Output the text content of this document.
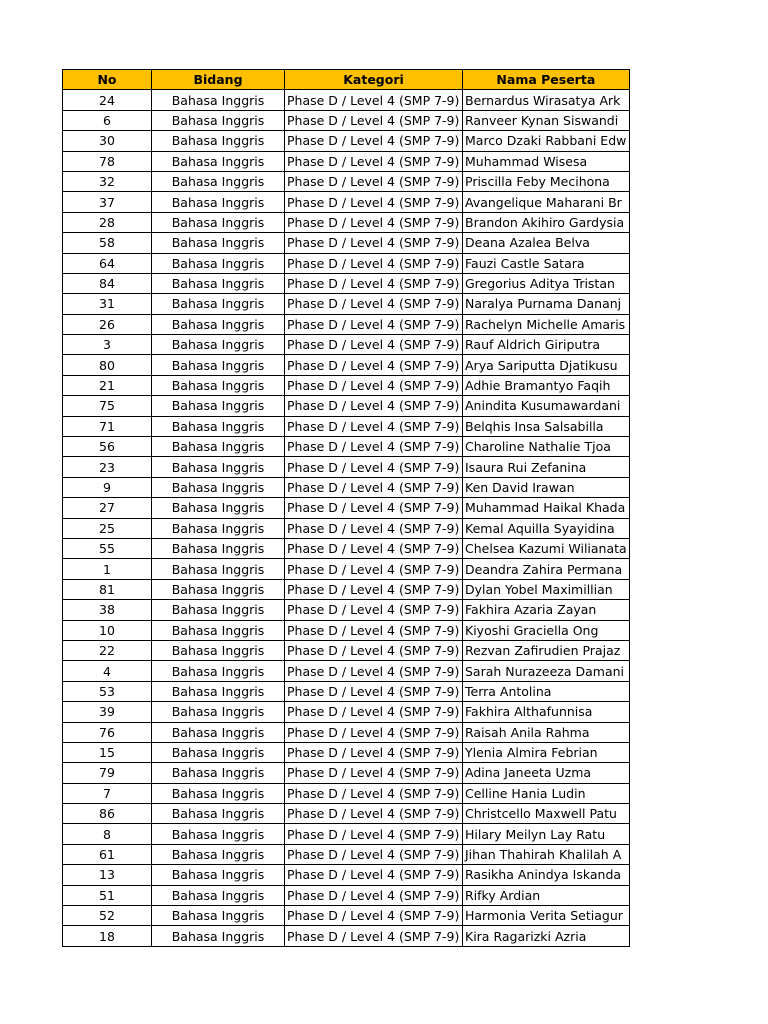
No	Bidang	Kategori	Nama Peserta
24	Bahasa Inggris	Phase D / Level 4 (SMP 7-9)	Bernardus Wirasatya Ark
6	Bahasa Inggris	Phase D / Level 4 (SMP 7-9)	Ranveer Kynan Siswandi
30	Bahasa Inggris	Phase D / Level 4 (SMP 7-9)	Marco Dzaki Rabbani Edw
78	Bahasa Inggris	Phase D / Level 4 (SMP 7-9)	Muhammad Wisesa
32	Bahasa Inggris	Phase D / Level 4 (SMP 7-9)	Priscilla Feby Mecihona
37	Bahasa Inggris	Phase D / Level 4 (SMP 7-9)	Avangelique Maharani Br
28	Bahasa Inggris	Phase D / Level 4 (SMP 7-9)	Brandon Akihiro Gardysia
58	Bahasa Inggris	Phase D / Level 4 (SMP 7-9)	Deana Azalea Belva
64	Bahasa Inggris	Phase D / Level 4 (SMP 7-9)	Fauzi Castle Satara
84	Bahasa Inggris	Phase D / Level 4 (SMP 7-9)	Gregorius Aditya Tristan
31	Bahasa Inggris	Phase D / Level 4 (SMP 7-9)	Naralya Purnama Dananj
26	Bahasa Inggris	Phase D / Level 4 (SMP 7-9)	Rachelyn Michelle Amaris
3	Bahasa Inggris	Phase D / Level 4 (SMP 7-9)	Rauf Aldrich Giriputra
80	Bahasa Inggris	Phase D / Level 4 (SMP 7-9)	Arya Sariputta Djatikusu
21	Bahasa Inggris	Phase D / Level 4 (SMP 7-9)	Adhie Bramantyo Faqih
75	Bahasa Inggris	Phase D / Level 4 (SMP 7-9)	Anindita Kusumawardani
71	Bahasa Inggris	Phase D / Level 4 (SMP 7-9)	Belqhis Insa Salsabilla
56	Bahasa Inggris	Phase D / Level 4 (SMP 7-9)	Charoline Nathalie Tjoa
23	Bahasa Inggris	Phase D / Level 4 (SMP 7-9)	Isaura Rui Zefanina
9	Bahasa Inggris	Phase D / Level 4 (SMP 7-9)	Ken David Irawan
27	Bahasa Inggris	Phase D / Level 4 (SMP 7-9)	Muhammad Haikal Khada
25	Bahasa Inggris	Phase D / Level 4 (SMP 7-9)	Kemal Aquilla Syayidina
55	Bahasa Inggris	Phase D / Level 4 (SMP 7-9)	Chelsea Kazumi Wilianata
1	Bahasa Inggris	Phase D / Level 4 (SMP 7-9)	Deandra Zahira Permana
81	Bahasa Inggris	Phase D / Level 4 (SMP 7-9)	Dylan Yobel Maximillian
38	Bahasa Inggris	Phase D / Level 4 (SMP 7-9)	Fakhira Azaria Zayan
10	Bahasa Inggris	Phase D / Level 4 (SMP 7-9)	Kiyoshi Graciella Ong
22	Bahasa Inggris	Phase D / Level 4 (SMP 7-9)	Rezvan Zafirudien Prajaz
4	Bahasa Inggris	Phase D / Level 4 (SMP 7-9)	Sarah Nurazeeza Damani
53	Bahasa Inggris	Phase D / Level 4 (SMP 7-9)	Terra Antolina
39	Bahasa Inggris	Phase D / Level 4 (SMP 7-9)	Fakhira Althafunnisa
76	Bahasa Inggris	Phase D / Level 4 (SMP 7-9)	Raisah Anila Rahma
15	Bahasa Inggris	Phase D / Level 4 (SMP 7-9)	Ylenia Almira Febrian
79	Bahasa Inggris	Phase D / Level 4 (SMP 7-9)	Adina Janeeta Uzma
7	Bahasa Inggris	Phase D / Level 4 (SMP 7-9)	Celline Hania Ludin
86	Bahasa Inggris	Phase D / Level 4 (SMP 7-9)	Christcello Maxwell Patu
8	Bahasa Inggris	Phase D / Level 4 (SMP 7-9)	Hilary Meilyn Lay Ratu
61	Bahasa Inggris	Phase D / Level 4 (SMP 7-9)	Jihan Thahirah Khalilah A
13	Bahasa Inggris	Phase D / Level 4 (SMP 7-9)	Rasikha Anindya Iskanda
51	Bahasa Inggris	Phase D / Level 4 (SMP 7-9)	Rifky Ardian
52	Bahasa Inggris	Phase D / Level 4 (SMP 7-9)	Harmonia Verita Setiagur
18	Bahasa Inggris	Phase D / Level 4 (SMP 7-9)	Kira Ragarizki Azria
